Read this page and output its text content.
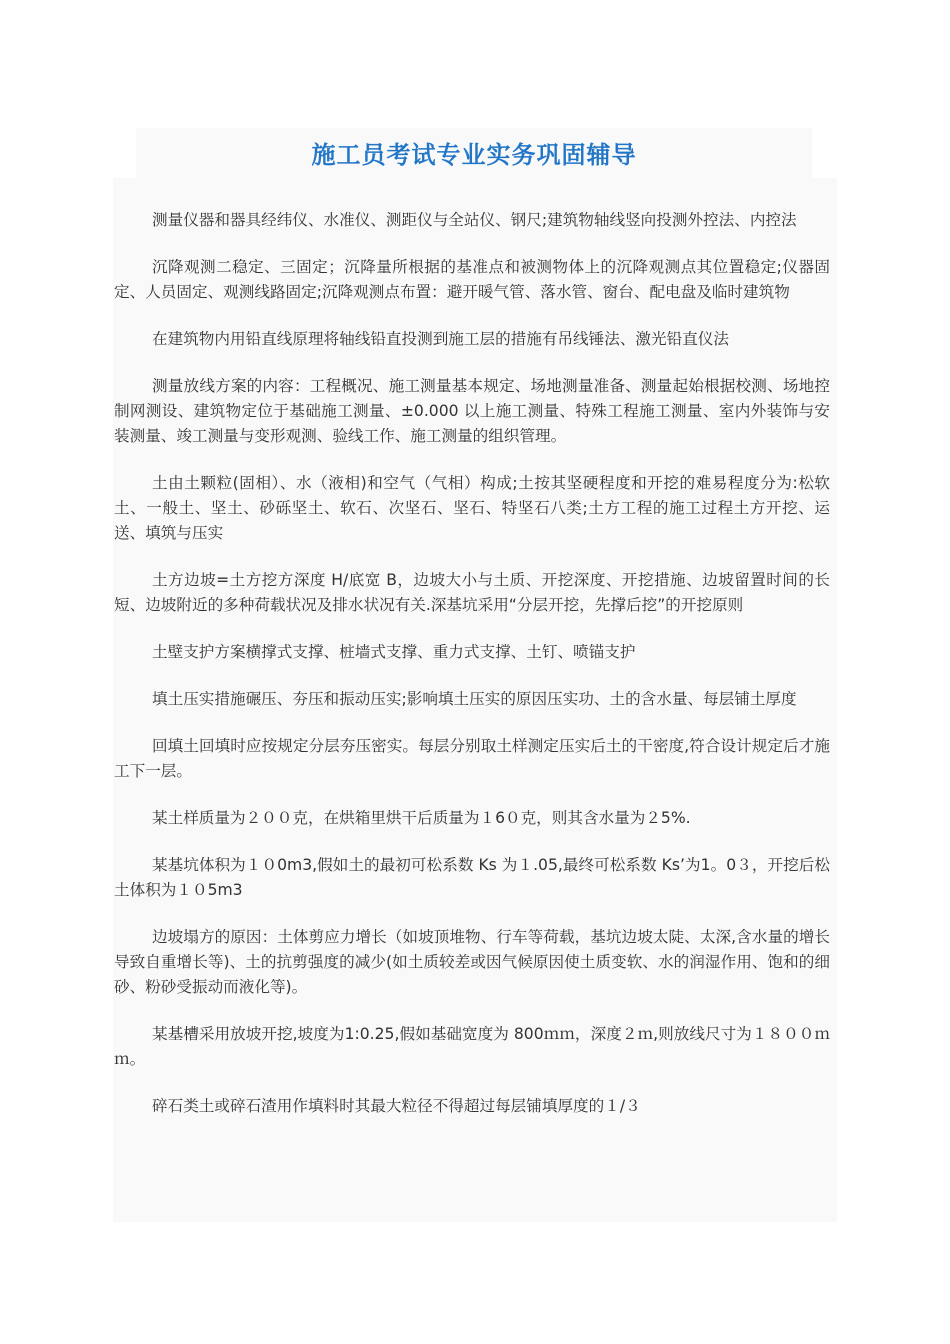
施工员考试专业实务巩固辅导

测量仪器和器具经纬仪、水准仪、测距仪与全站仪、钢尺;建筑物轴线竖向投测外控法、内控法

沉降观测二稳定、三固定；沉降量所根据的基准点和被测物体上的沉降观测点其位置稳定;仪器固定、人员固定、观测线路固定;沉降观测点布置：避开暖气管、落水管、窗台、配电盘及临时建筑物

在建筑物内用铅直线原理将轴线铅直投测到施工层的措施有吊线锤法、激光铅直仪法

测量放线方案的内容：工程概况、施工测量基本规定、场地测量准备、测量起始根据校测、场地控制网测设、建筑物定位于基础施工测量、±0.000 以上施工测量、特殊工程施工测量、室内外装饰与安装测量、竣工测量与变形观测、验线工作、施工测量的组织管理。

土由土颗粒(固相）、水（液相)和空气（气相）构成;土按其坚硬程度和开挖的难易程度分为:松软土、一般土、坚土、砂砾坚土、软石、次坚石、坚石、特坚石八类;土方工程的施工过程土方开挖、运送、填筑与压实

土方边坡=土方挖方深度 H/底宽 B，边坡大小与土质、开挖深度、开挖措施、边坡留置时间的长短、边坡附近的多种荷载状况及排水状况有关.深基坑采用“分层开挖，先撑后挖”的开挖原则

土壁支护方案横撑式支撑、桩墙式支撑、重力式支撑、土钉、喷锚支护

填土压实措施碾压、夯压和振动压实;影响填土压实的原因压实功、土的含水量、每层铺土厚度

回填土回填时应按规定分层夯压密实。每层分别取土样测定压实后土的干密度,符合设计规定后才施工下一层。

某土样质量为２００克，在烘箱里烘干后质量为１6０克，则其含水量为２5%.

某基坑体积为１０0m3,假如土的最初可松系数 Ks 为１.05,最终可松系数 Ks’为1。0３，开挖后松土体积为１０5m3

边坡塌方的原因：土体剪应力增长（如坡顶堆物、行车等荷载，基坑边坡太陡、太深,含水量的增长导致自重增长等)、土的抗剪强度的减少(如土质较差或因气候原因使土质变软、水的润湿作用、饱和的细砂、粉砂受振动而液化等)。

某基槽采用放坡开挖,坡度为1:0.25,假如基础宽度为 800ｍｍ，深度２ｍ,则放线尺寸为１８００ｍｍ。

碎石类土或碎石渣用作填料时其最大粒径不得超过每层铺填厚度的１/３
